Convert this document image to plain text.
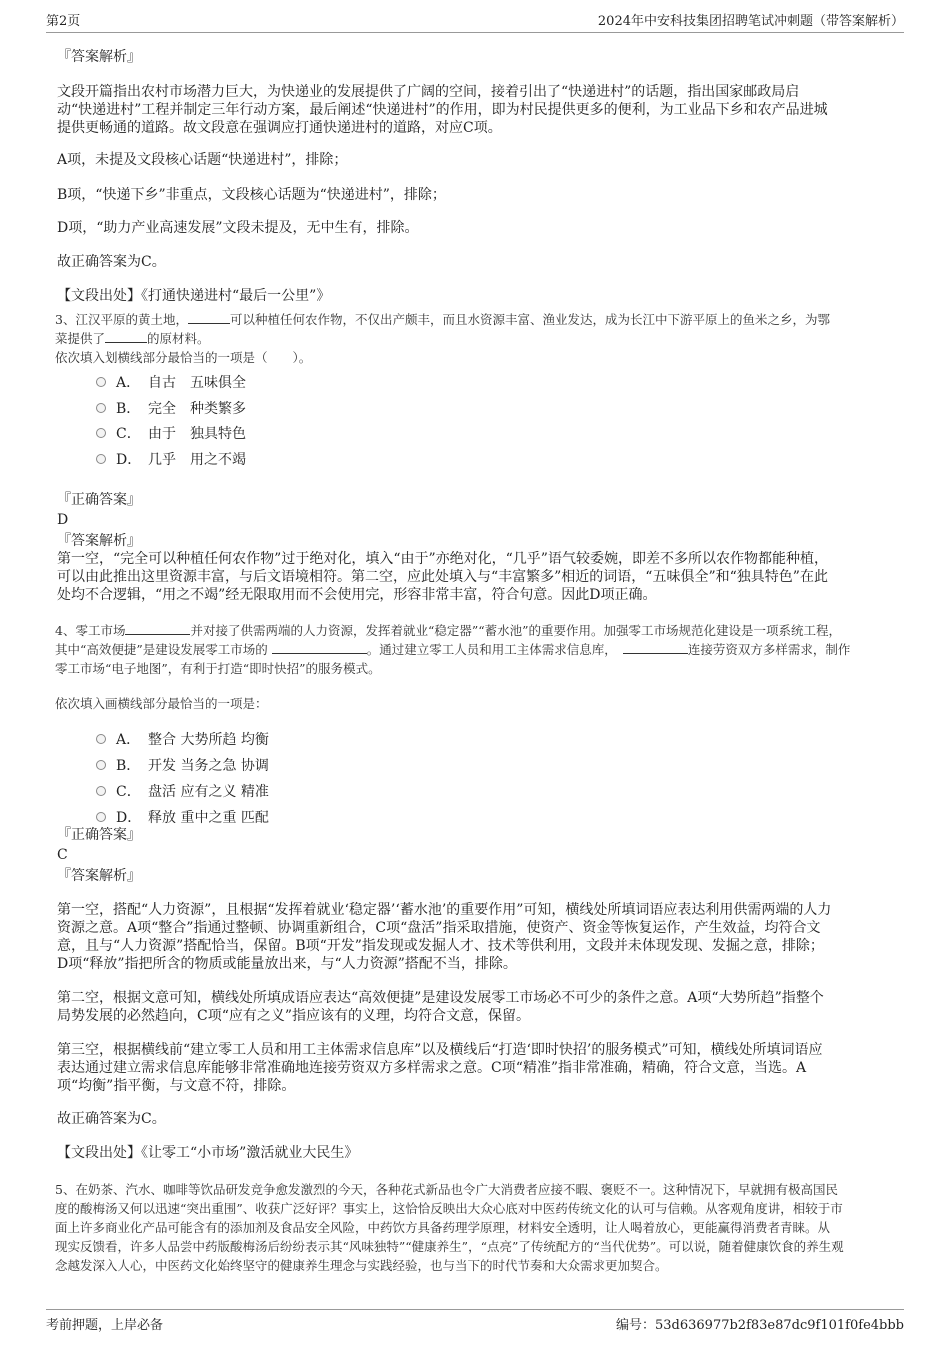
第2页	2024年中安科技集团招聘笔试冲刺题（带答案解析）
『答案解析』
文段开篇指出农村市场潜力巨大，为快递业的发展提供了广阔的空间，接着引出了“快递进村”的话题，指出国家邮政局启
动“快递进村”工程并制定三年行动方案，最后阐述“快递进村”的作用，即为村民提供更多的便利，为工业品下乡和农产品进城
提供更畅通的道路。故文段意在强调应打通快递进村的道路，对应C项。
A项，未提及文段核心话题“快递进村”，排除；
B项，“快递下乡”非重点，文段核心话题为“快递进村”，排除；
D项，“助力产业高速发展”文段未提及，无中生有，排除。
故正确答案为C。
【文段出处】《打通快递进村“最后一公里”》
3、江汉平原的黄土地，	可以种植任何农作物，不仅出产颇丰，而且水资源丰富、渔业发达，成为长江中下游平原上的鱼米之乡，为鄂
菜提供了	的原材料。
依次填入划横线部分最恰当的一项是（　　）。
A． 自古　五味俱全
B． 完全　种类繁多
C． 由于　独具特色
D． 几乎　用之不竭
『正确答案』
D
『答案解析』
第一空，“完全可以种植任何农作物”过于绝对化，填入“由于”亦绝对化，“几乎”语气较委婉，即差不多所以农作物都能种植，
可以由此推出这里资源丰富，与后文语境相符。第二空，应此处填入与“丰富繁多”相近的词语，“五味俱全”和“独具特色”在此
处均不合逻辑，“用之不竭”经无限取用而不会使用完，形容非常丰富，符合句意。因此D项正确。
4、零工市场	并对接了供需两端的人力资源，发挥着就业“稳定器”“蓄水池”的重要作用。加强零工市场规范化建设是一项系统工程，
其中“高效便捷”是建设发展零工市场的	。通过建立零工人员和用工主体需求信息库，	连接劳资双方多样需求，制作
零工市场“电子地图”，有利于打造“即时快招”的服务模式。
依次填入画横线部分最恰当的一项是：
A． 整合 大势所趋 均衡
B． 开发 当务之急 协调
C． 盘活 应有之义 精准
D． 释放 重中之重 匹配
『正确答案』
C
『答案解析』
第一空，搭配“人力资源”，且根据“发挥着就业‘稳定器’‘蓄水池’的重要作用”可知，横线处所填词语应表达利用供需两端的人力
资源之意。A项“整合”指通过整顿、协调重新组合，C项“盘活”指采取措施，使资产、资金等恢复运作，产生效益，均符合文
意，且与“人力资源”搭配恰当，保留。B项“开发”指发现或发掘人才、技术等供利用，文段并未体现发现、发掘之意，排除；
D项“释放”指把所含的物质或能量放出来，与“人力资源”搭配不当，排除。
第二空，根据文意可知，横线处所填成语应表达“高效便捷”是建设发展零工市场必不可少的条件之意。A项“大势所趋”指整个
局势发展的必然趋向，C项“应有之义”指应该有的义理，均符合文意，保留。
第三空，根据横线前“建立零工人员和用工主体需求信息库”以及横线后“打造‘即时快招’的服务模式”可知，横线处所填词语应
表达通过建立需求信息库能够非常准确地连接劳资双方多样需求之意。C项“精准”指非常准确，精确，符合文意，当选。A
项“均衡”指平衡，与文意不符，排除。
故正确答案为C。
【文段出处】《让零工“小市场”激活就业大民生》
5、在奶茶、汽水、咖啡等饮品研发竞争愈发激烈的今天，各种花式新品也令广大消费者应接不暇、褒贬不一。这种情况下，早就拥有极高国民
度的酸梅汤又何以迅速“突出重围”、收获广泛好评？事实上，这恰恰反映出大众心底对中医药传统文化的认可与信赖。从客观角度讲，相较于市
面上许多商业化产品可能含有的添加剂及食品安全风险，中药饮方具备药理学原理，材料安全透明，让人喝着放心，更能赢得消费者青睐。从
现实反馈看，许多人品尝中药版酸梅汤后纷纷表示其“风味独特”“健康养生”，“点亮”了传统配方的“当代优势”。可以说，随着健康饮食的养生观
念越发深入人心，中医药文化始终坚守的健康养生理念与实践经验，也与当下的时代节奏和大众需求更加契合。
考前押题，上岸必备	编号：53d636977b2f83e87dc9f101f0fe4bbb
